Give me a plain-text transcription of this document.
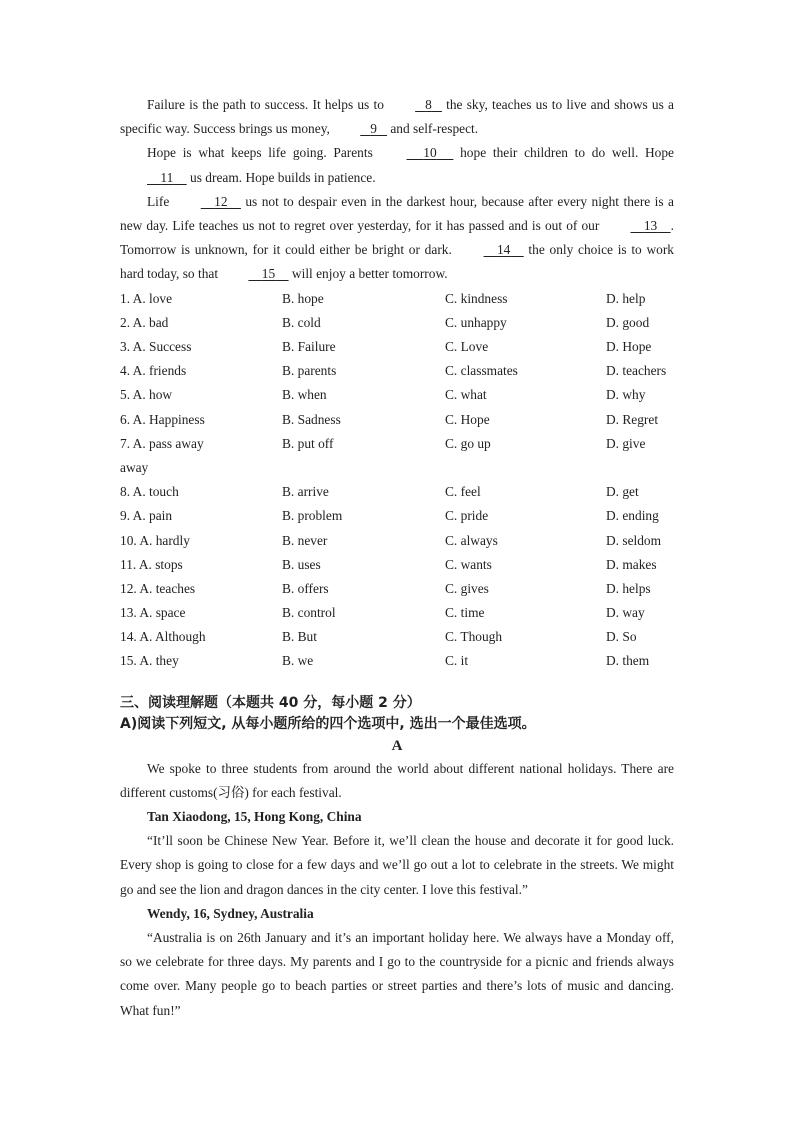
Failure is the path to success. It helps us to	8    the sky, teaches us to live and shows us a specific way. Success brings us money,	9    and self-respect.

Hope is what keeps life going. Parents	10      hope their children to do well. Hope     11     us dream. Hope builds in patience.

Life	12     us not to despair even in the darkest hour, because after every night there is a new day. Life teaches us not to regret over yesterday, for it has passed and is out of our	13 . Tomorrow is unknown, for it could either be bright or dark.	14     the only choice is to work hard today, so that	15     will enjoy a better tomorrow.

1. A. love	B. hope	C. kindness	D. help
2. A. bad	B. cold	C. unhappy	D. good
3. A. Success	B. Failure	C. Love	D. Hope
4. A. friends	B. parents	C. classmates	D. teachers
5. A. how	B. when	C. what	D. why
6. A. Happiness	B. Sadness	C. Hope	D. Regret
7. A. pass away	B. put off	C. go up	D. give
away
8. A. touch	B. arrive	C. feel	D. get
9. A. pain	B. problem	C. pride	D. ending
10. A. hardly	B. never	C. always	D. seldom
11. A. stops	B. uses	C. wants	D. makes
12. A. teaches	B. offers	C. gives	D. helps
13. A. space	B. control	C. time	D. way
14. A. Although	B. But	C. Though	D. So
15. A. they	B. we	C. it	D. them
三、阅读理解题（本题共 40 分，每小题 2 分）
A)阅读下列短文, 从每小题所给的四个选项中, 选出一个最佳选项。
A

We spoke to three students from around the world about different national holidays. There are different customs(习俗) for each festival.

Tan Xiaodong, 15, Hong Kong, China

“It’ll soon be Chinese New Year. Before it, we’ll clean the house and decorate it for good luck. Every shop is going to close for a few days and we’ll go out a lot to celebrate in the streets. We might go and see the lion and dragon dances in the city center. I love this festival.”

Wendy, 16, Sydney, Australia

“Australia is on 26th January and it’s an important holiday here. We always have a Monday off, so we celebrate for three days. My parents and I go to the countryside for a picnic and friends always come over. Many people go to beach parties or street parties and there’s lots of music and dancing. What fun!”
